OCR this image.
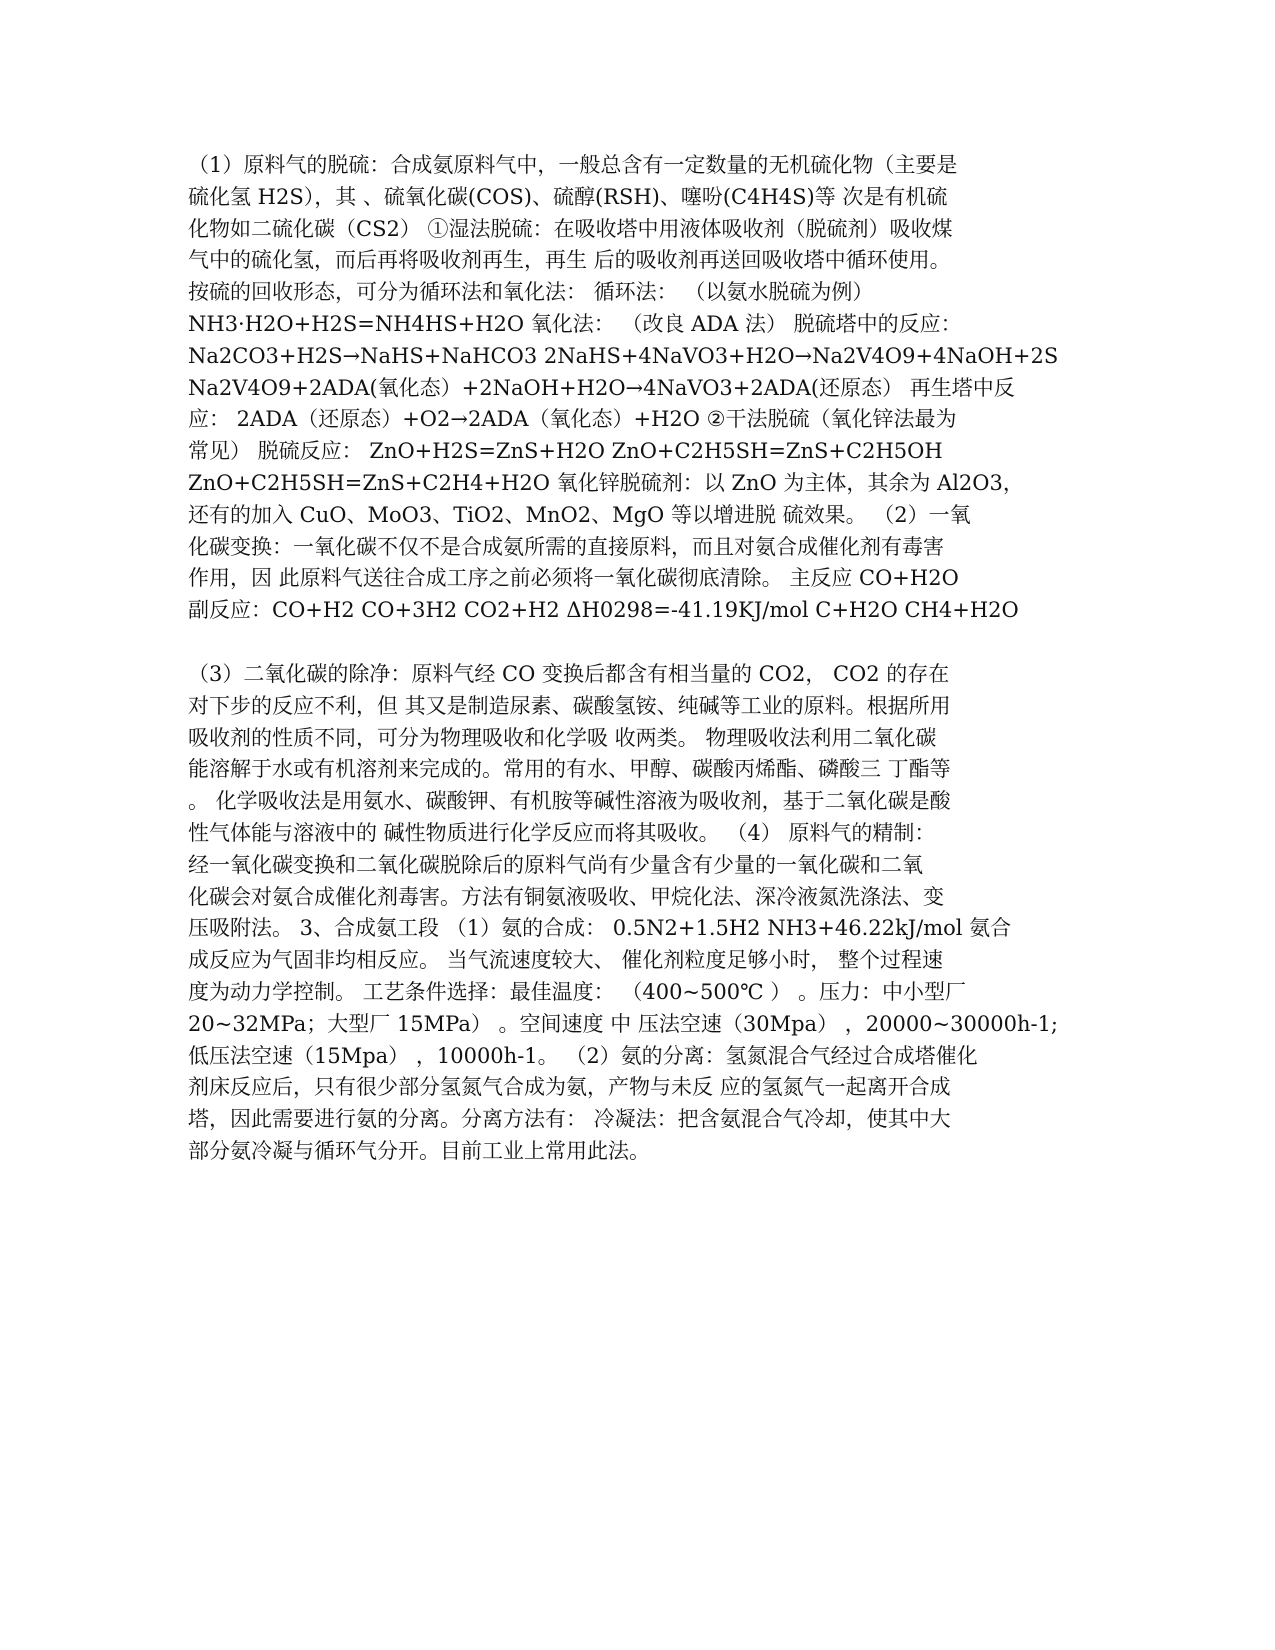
（1）原料气的脱硫：合成氨原料气中，一般总含有一定数量的无机硫化物（主要是
硫化氢 H2S），其 、硫氧化碳(COS)、硫醇(RSH)、噻吩(C4H4S)等 次是有机硫
化物如二硫化碳（CS2） ①湿法脱硫：在吸收塔中用液体吸收剂（脱硫剂）吸收煤
气中的硫化氢，而后再将吸收剂再生，再生 后的吸收剂再送回吸收塔中循环使用。
按硫的回收形态，可分为循环法和氧化法： 循环法： （以氨水脱硫为例）
NH3·H2O+H2S=NH4HS+H2O 氧化法： （改良 ADA 法） 脱硫塔中的反应：
Na2CO3+H2S→NaHS+NaHCO3 2NaHS+4NaVO3+H2O→Na2V4O9+4NaOH+2S
Na2V4O9+2ADA(氧化态）+2NaOH+H2O→4NaVO3+2ADA(还原态） 再生塔中反
应： 2ADA（还原态）+O2→2ADA（氧化态）+H2O ②干法脱硫（氧化锌法最为
常见） 脱硫反应： ZnO+H2S=ZnS+H2O ZnO+C2H5SH=ZnS+C2H5OH
ZnO+C2H5SH=ZnS+C2H4+H2O 氧化锌脱硫剂：以 ZnO 为主体，其余为 Al2O3，
还有的加入 CuO、MoO3、TiO2、MnO2、MgO 等以增进脱 硫效果。 （2）一氧
化碳变换：一氧化碳不仅不是合成氨所需的直接原料，而且对氨合成催化剂有毒害
作用，因 此原料气送往合成工序之前必须将一氧化碳彻底清除。 主反应 CO+H2O
副反应：CO+H2 CO+3H2 CO2+H2 ΔH0298=-41.19KJ/mol C+H2O CH4+H2O
（3）二氧化碳的除净：原料气经 CO 变换后都含有相当量的 CO2， CO2 的存在
对下步的反应不利，但 其又是制造尿素、碳酸氢铵、纯碱等工业的原料。根据所用
吸收剂的性质不同，可分为物理吸收和化学吸 收两类。 物理吸收法利用二氧化碳
能溶解于水或有机溶剂来完成的。常用的有水、甲醇、碳酸丙烯酯、磷酸三 丁酯等
。 化学吸收法是用氨水、碳酸钾、有机胺等碱性溶液为吸收剂，基于二氧化碳是酸
性气体能与溶液中的 碱性物质进行化学反应而将其吸收。 （4） 原料气的精制：
经一氧化碳变换和二氧化碳脱除后的原料气尚有少量含有少量的一氧化碳和二氧
化碳会对氨合成催化剂毒害。方法有铜氨液吸收、甲烷化法、深冷液氮洗涤法、变
压吸附法。 3、合成氨工段 （1）氨的合成： 0.5N2+1.5H2 NH3+46.22kJ/mol 氨合
成反应为气固非均相反应。 当气流速度较大、 催化剂粒度足够小时， 整个过程速
度为动力学控制。 工艺条件选择：最佳温度： （400~500℃ ） 。压力：中小型厂
20~32MPa；大型厂 15MPa） 。空间速度 中 压法空速（30Mpa） ，20000~30000h-1;
低压法空速（15Mpa） ，10000h-1。 （2）氨的分离：氢氮混合气经过合成塔催化
剂床反应后，只有很少部分氢氮气合成为氨，产物与未反 应的氢氮气一起离开合成
塔，因此需要进行氨的分离。分离方法有： 冷凝法：把含氨混合气冷却，使其中大
部分氨冷凝与循环气分开。目前工业上常用此法。
